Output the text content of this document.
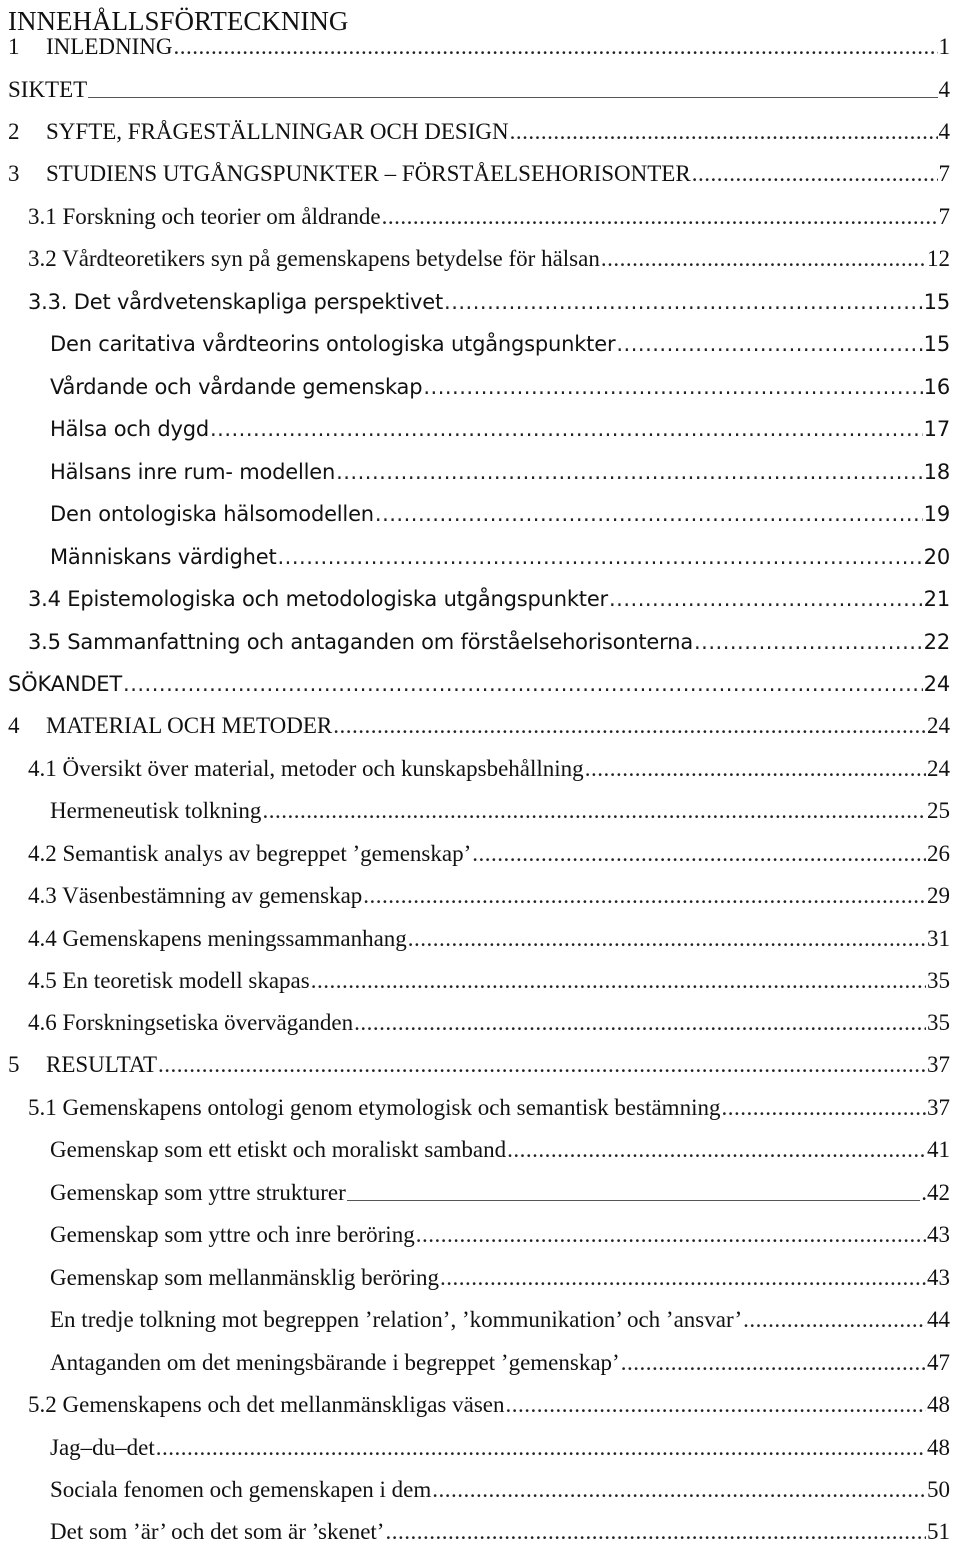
INNEHÅLLSFÖRTECKNING
1 INLEDNING .....	1
SIKTET	4
2 SYFTE, FRÅGESTÄLLNINGAR OCH DESIGN .....	4
3 STUDIENS UTGÅNGSPUNKTER – FÖRSTÅELSEHORISONTER .....	7
3.1 Forskning och teorier om åldrande .....	7
3.2 Vårdteoretikers syn på gemenskapens betydelse för hälsan .....	12
3.3. Det vårdvetenskapliga perspektivet .....	15
Den caritativa vårdteorins ontologiska utgångspunkter .....	15
Vårdande och vårdande gemenskap .....	16
Hälsa och dygd .....	17
Hälsans inre rum- modellen .....	18
Den ontologiska hälsomodellen .....	19
Människans värdighet .....	20
3.4 Epistemologiska och metodologiska utgångspunkter .....	21
3.5 Sammanfattning och antaganden om förståelsehorisonterna .....	22
SÖKANDET .....	24
4 MATERIAL OCH METODER .....	24
4.1 Översikt över material, metoder och kunskapsbehållning .....	24
Hermeneutisk tolkning .....	25
4.2 Semantisk analys av begreppet ’gemenskap’ .....	26
4.3 Väsenbestämning av gemenskap .....	29
4.4 Gemenskapens meningssammanhang .....	31
4.5 En teoretisk modell skapas .....	35
4.6 Forskningsetiska överväganden .....	35
5 RESULTAT .....	37
5.1 Gemenskapens ontologi genom etymologisk och semantisk bestämning .....	37
Gemenskap som ett etiskt och moraliskt samband .....	41
Gemenskap som yttre strukturer	.42
Gemenskap som yttre och inre beröring .....	43
Gemenskap som mellanmänsklig beröring .....	43
En tredje tolkning mot begreppen ’relation’, ’kommunikation’ och ’ansvar’ .....	44
Antaganden om det meningsbärande i begreppet ’gemenskap’ .....	47
5.2 Gemenskapens och det mellanmänskligas väsen .....	48
Jag–du–det .....	48
Sociala fenomen och gemenskapen i dem .....	50
Det som ’är’ och det som är ’skenet’ .....	51
